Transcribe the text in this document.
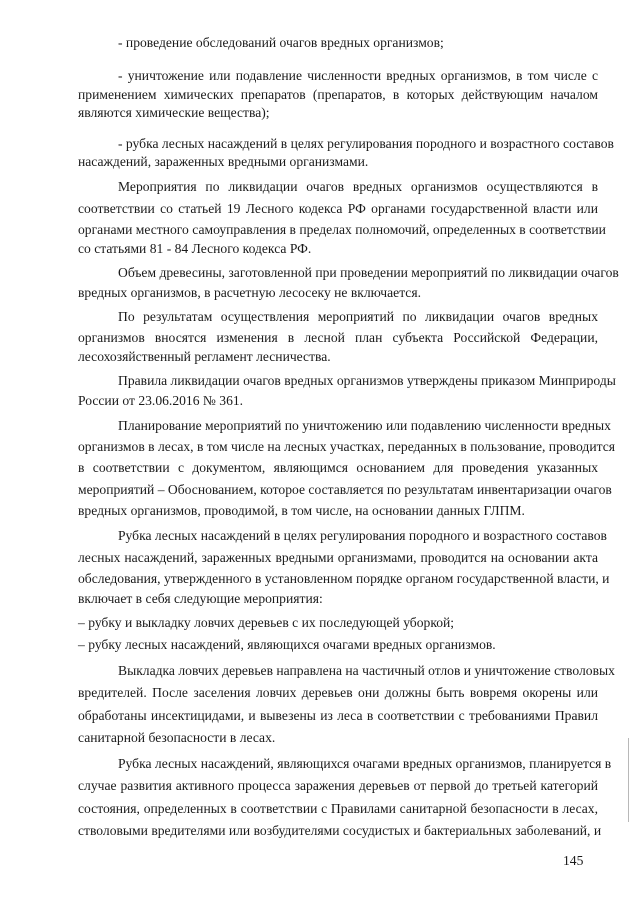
- проведение обследований очагов вредных организмов;
- уничтожение или подавление численности вредных организмов, в том числе с
применением химических препаратов (препаратов, в которых действующим началом
являются химические вещества);
- рубка лесных насаждений в целях регулирования породного и возрастного составов
насаждений, зараженных вредными организмами.
Мероприятия по ликвидации очагов вредных организмов осуществляются в
соответствии со статьей 19 Лесного кодекса РФ органами государственной власти или
органами местного самоуправления в пределах полномочий, определенных в соответствии
со статьями 81 - 84 Лесного кодекса РФ.
Объем древесины, заготовленной при проведении мероприятий по ликвидации очагов
вредных организмов, в расчетную лесосеку не включается.
По результатам осуществления мероприятий по ликвидации очагов вредных
организмов вносятся изменения в лесной план субъекта Российской Федерации,
лесохозяйственный регламент лесничества.
Правила ликвидации очагов вредных организмов утверждены приказом Минприроды
России от 23.06.2016 № 361.
Планирование мероприятий по уничтожению или подавлению численности вредных
организмов в лесах, в том числе на лесных участках, переданных в пользование, проводится
в соответствии с документом, являющимся основанием для проведения указанных
мероприятий – Обоснованием, которое составляется по результатам инвентаризации очагов
вредных организмов, проводимой, в том числе, на основании данных ГЛПМ.
Рубка лесных насаждений в целях регулирования породного и возрастного составов
лесных насаждений, зараженных вредными организмами, проводится на основании акта
обследования, утвержденного в установленном порядке органом государственной власти, и
включает в себя следующие мероприятия:
– рубку и выкладку ловчих деревьев с их последующей уборкой;
– рубку лесных насаждений, являющихся очагами вредных организмов.
Выкладка ловчих деревьев направлена на частичный отлов и уничтожение стволовых
вредителей. После заселения ловчих деревьев они должны быть вовремя окорены или
обработаны инсектицидами, и вывезены из леса в соответствии с требованиями Правил
санитарной безопасности в лесах.
Рубка лесных насаждений, являющихся очагами вредных организмов, планируется в
случае развития активного процесса заражения деревьев от первой до третьей категорий
состояния, определенных в соответствии с Правилами санитарной безопасности в лесах,
стволовыми вредителями или возбудителями сосудистых и бактериальных заболеваний, и
145
